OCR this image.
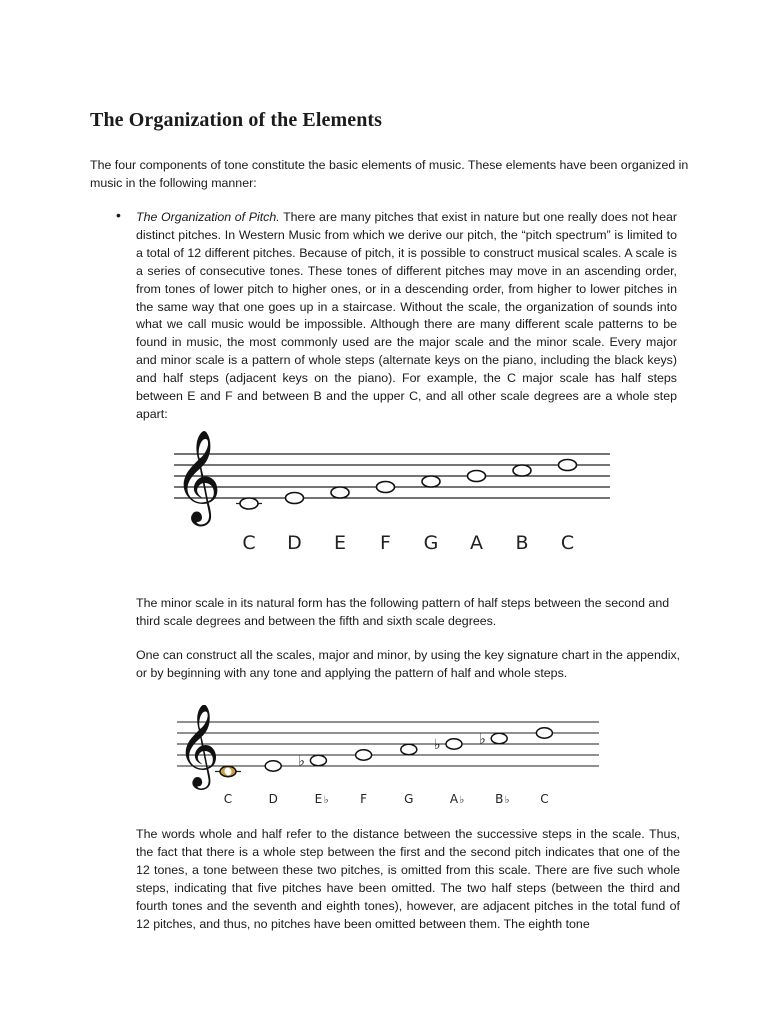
The Organization of the Elements

The four components of tone constitute the basic elements of music. These elements have been organized in music in the following manner:

• The Organization of Pitch. There are many pitches that exist in nature but one really does not hear distinct pitches. In Western Music from which we derive our pitch, the “pitch spectrum” is limited to a total of 12 different pitches. Because of pitch, it is possible to construct musical scales. A scale is a series of consecutive tones. These tones of different pitches may move in an ascending order, from tones of lower pitch to higher ones, or in a descending order, from higher to lower pitches in the same way that one goes up in a staircase. Without the scale, the organization of sounds into what we call music would be impossible. Although there are many different scale patterns to be found in music, the most commonly used are the major scale and the minor scale. Every major and minor scale is a pattern of whole steps (alternate keys on the piano, including the black keys) and half steps (adjacent keys on the piano). For example, the C major scale has half steps between E and F and between B and the upper C, and all other scale degrees are a whole step apart:

𝄞
C D E F G A B C

The minor scale in its natural form has the following pattern of half steps between the second and third scale degrees and between the fifth and sixth scale degrees.

One can construct all the scales, major and minor, by using the key signature chart in the appendix, or by beginning with any tone and applying the pattern of half and whole steps.

𝄞	♭
♭	♭
C	D	E ♭	F	G	A ♭	B ♭	C

The words whole and half refer to the distance between the successive steps in the scale. Thus, the fact that there is a whole step between the first and the second pitch indicates that one of the 12 tones, a tone between these two pitches, is omitted from this scale. There are five such whole steps, indicating that five pitches have been omitted. The two half steps (between the third and fourth tones and the seventh and eighth tones), however, are adjacent pitches in the total fund of 12 pitches, and thus, no pitches have been omitted between them. The eighth tone
